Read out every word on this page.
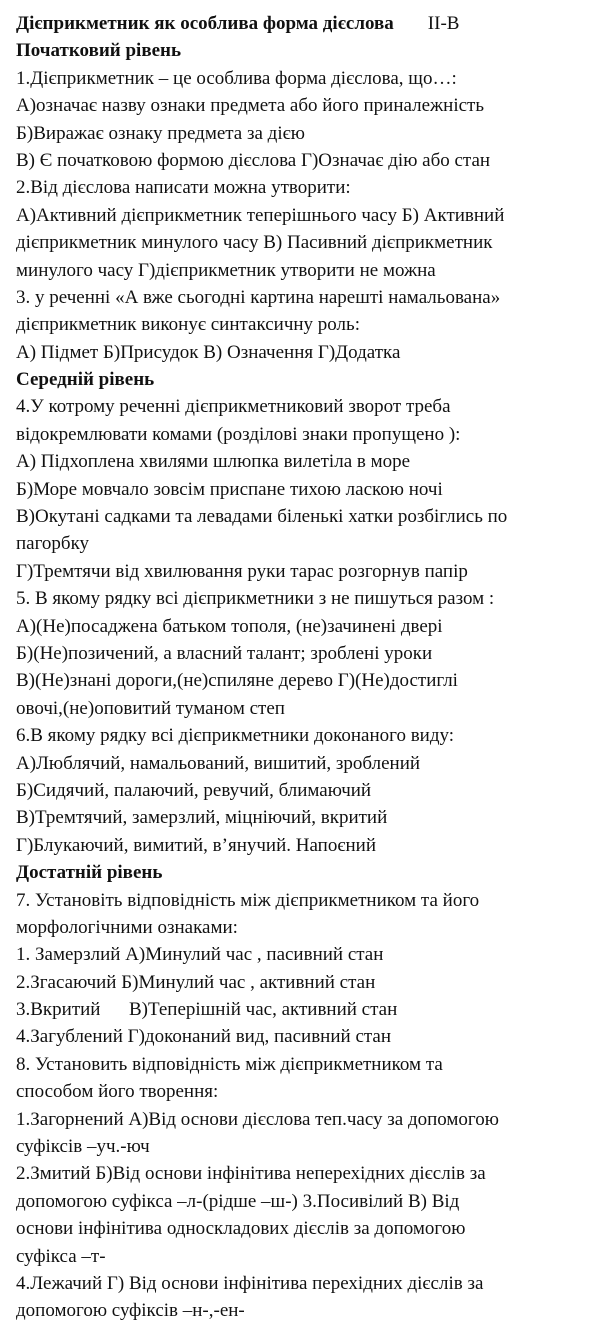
Дієприкметник як особлива форма дієслова ІІ-В
Початковий рівень
1.Дієприкметник – це особлива форма дієслова, що…:
А)означає назву ознаки предмета або його приналежність
Б)Виражає ознаку предмета за дією
В) Є початковою формою дієслова Г)Означає дію або стан
2.Від дієслова написати можна утворити:
А)Активний дієприкметник теперішнього часу Б) Активний
дієприкметник минулого часу В) Пасивний дієприкметник
минулого часу Г)дієприкметник утворити не можна
3. у реченні «А вже сьогодні картина нарешті намальована»
дієприкметник виконує синтаксичну роль:
А) Підмет Б)Присудок В) Означення Г)Додатка
Середній рівень
4.У котрому реченні дієприкметниковий зворот треба
відокремлювати комами (розділові знаки пропущено ):
А) Підхоплена хвилями шлюпка вилетіла в море
Б)Море мовчало зовсім приспане тихою ласкою ночі
В)Окутані садками та левадами біленькі хатки розбіглись по
пагорбку
Г)Тремтячи від хвилювання руки тарас розгорнув папір
5. В якому рядку всі дієприкметники з не пишуться разом :
А)(Не)посаджена батьком тополя, (не)зачинені двері
Б)(Не)позичений, а власний талант; зроблені уроки
В)(Не)знані дороги,(не)спиляне дерево Г)(Не)достиглі
овочі,(не)оповитий туманом степ
6.В якому рядку всі дієприкметники доконаного виду:
А)Люблячий, намальований, вишитий, зроблений
Б)Сидячий, палаючий, ревучий, блимаючий
В)Тремтячий, замерзлий, міцніючий, вкритий
Г)Блукаючий, вимитий, в’янучий. Напоєний
Достатній рівень
7. Установіть відповідність між дієприкметником та його
морфологічними ознаками:
1. Замерзлий А)Минулий час , пасивний стан
2.Згасаючий Б)Минулий час , активний стан
3.Вкритий      В)Теперішній час, активний стан
4.Загублений Г)доконаний вид, пасивний стан
8. Установить відповідність між дієприкметником та
способом його творення:
1.Загорнений А)Від основи дієслова теп.часу за допомогою
суфіксів –уч.-юч
2.Змитий Б)Від основи інфінітива неперехідних дієслів за
допомогою суфікса –л-(рідше –ш-) 3.Посивілий В) Від
основи інфінітива односкладових дієслів за допомогою
суфікса –т-
4.Лежачий Г) Від основи інфінітива перехідних дієслів за
допомогою суфіксів –н-,-ен-
